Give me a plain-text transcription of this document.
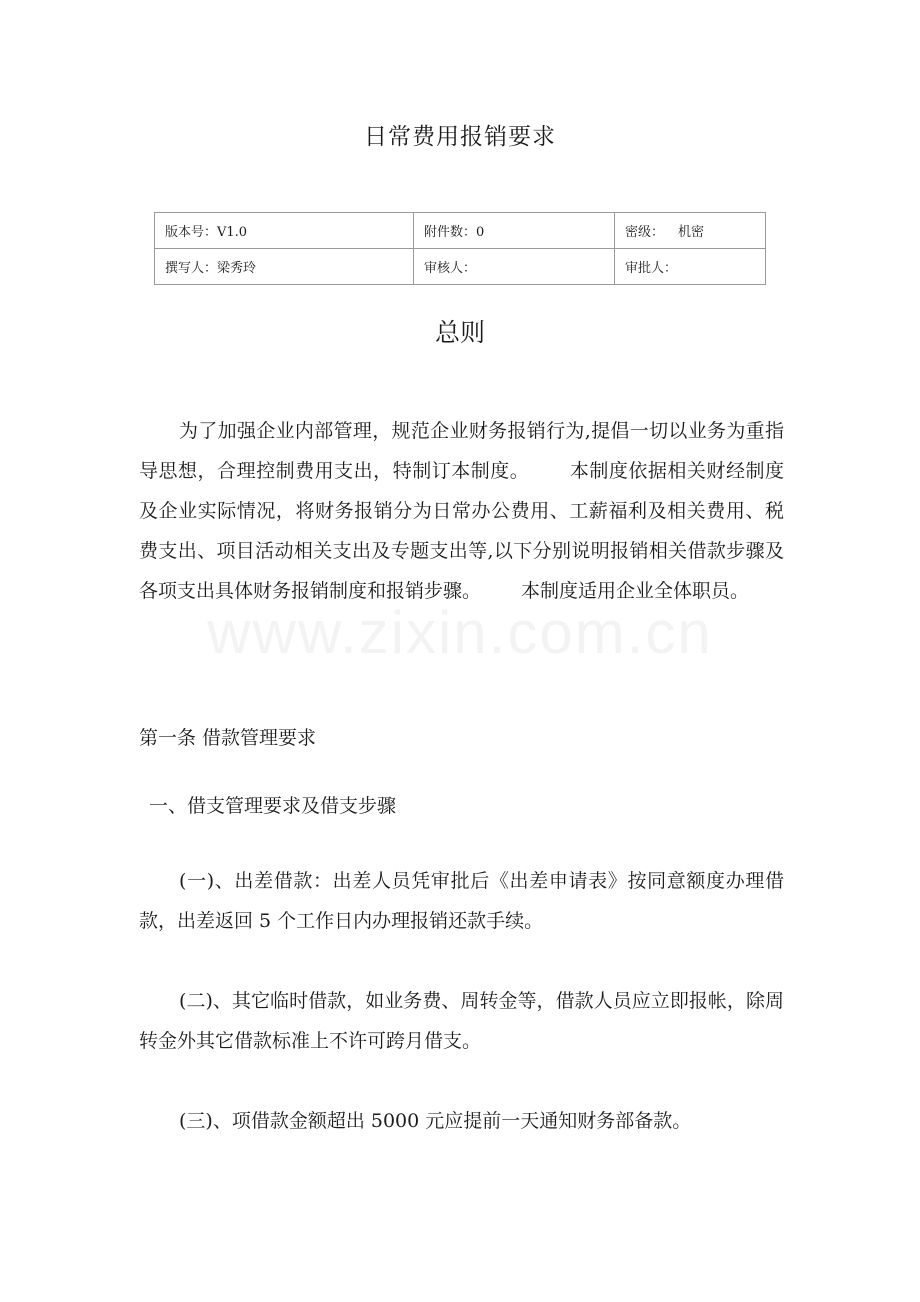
日常费用报销要求
版本号：V1.0	附件数：0	密级： 机密
撰写人：梁秀玲	审核人：	审批人：
总则
www.zixin.com.cn
为了加强企业内部管理，规范企业财务报销行为,提倡一切以业务为重指导思想，合理控制费用支出，特制订本制度。 本制度依据相关财经制度及企业实际情况，将财务报销分为日常办公费用、工薪福利及相关费用、税费支出、项目活动相关支出及专题支出等,以下分别说明报销相关借款步骤及各项支出具体财务报销制度和报销步骤。 本制度适用企业全体职员。
第一条 借款管理要求
一、借支管理要求及借支步骤
(一)、出差借款：出差人员凭审批后《出差申请表》按同意额度办理借款，出差返回 5 个工作日内办理报销还款手续。
(二)、其它临时借款，如业务费、周转金等，借款人员应立即报帐，除周转金外其它借款标准上不许可跨月借支。
(三)、项借款金额超出 5000 元应提前一天通知财务部备款。
